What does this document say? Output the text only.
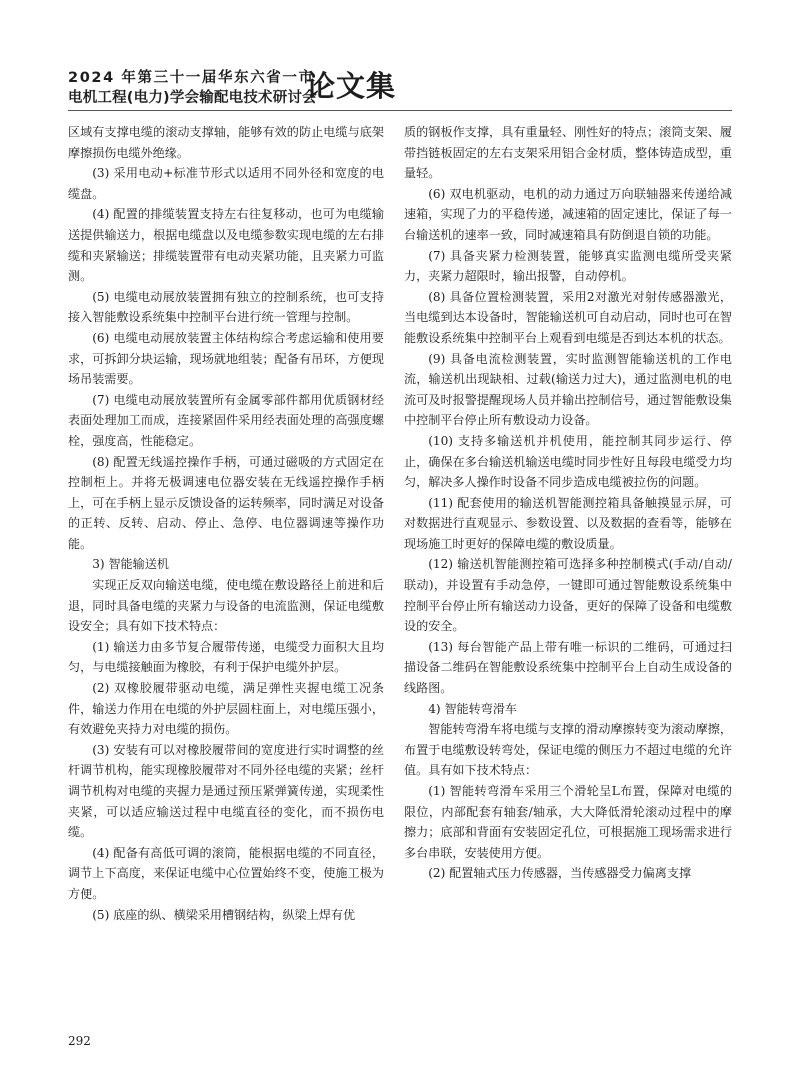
2024 年第三十一届华东六省一市
电机工程(电力)学会输配电技术研讨会
论文集

区域有支撑电缆的滚动支撑轴，能够有效的防止电缆与底架摩擦损伤电缆外绝缘。

(3) 采用电动+标准节形式以适用不同外径和宽度的电缆盘。

(4) 配置的排缆装置支持左右往复移动，也可为电缆输送提供输送力，根据电缆盘以及电缆参数实现电缆的左右排缆和夹紧输送；排缆装置带有电动夹紧功能，且夹紧力可监测。

(5) 电缆电动展放装置拥有独立的控制系统，也可支持接入智能敷设系统集中控制平台进行统一管理与控制。

(6) 电缆电动展放装置主体结构综合考虑运输和使用要求，可拆卸分块运输，现场就地组装；配备有吊环，方便现场吊装需要。

(7) 电缆电动展放装置所有金属零部件都用优质钢材经表面处理加工而成，连接紧固件采用经表面处理的高强度螺栓，强度高，性能稳定。

(8) 配置无线遥控操作手柄，可通过磁吸的方式固定在控制柜上。并将无极调速电位器安装在无线遥控操作手柄上，可在手柄上显示反馈设备的运转频率，同时满足对设备的正转、反转、启动、停止、急停、电位器调速等操作功能。

3) 智能输送机

实现正反双向输送电缆，使电缆在敷设路径上前进和后退，同时具备电缆的夹紧力与设备的电流监测，保证电缆敷设安全；具有如下技术特点：

(1) 输送力由多节复合履带传递，电缆受力面积大且均匀，与电缆接触面为橡胶，有利于保护电缆外护层。

(2) 双橡胶履带驱动电缆，满足弹性夹握电缆工况条件，输送力作用在电缆的外护层圆柱面上，对电缆压强小，有效避免夹持力对电缆的损伤。

(3) 安装有可以对橡胶履带间的宽度进行实时调整的丝杆调节机构，能实现橡胶履带对不同外径电缆的夹紧；丝杆调节机构对电缆的夹握力是通过预压紧弹簧传递，实现柔性夹紧，可以适应输送过程中电缆直径的变化，而不损伤电缆。

(4) 配备有高低可调的滚筒，能根据电缆的不同直径，调节上下高度，来保证电缆中心位置始终不变，使施工极为方便。

(5) 底座的纵、横梁采用槽钢结构，纵梁上焊有优

质的钢板作支撑，具有重量轻、刚性好的特点；滚筒支架、履带挡链板固定的左右支架采用铝合金材质，整体铸造成型，重量轻。

(6) 双电机驱动，电机的动力通过万向联轴器来传递给减速箱，实现了力的平稳传递，减速箱的固定速比，保证了每一台输送机的速率一致，同时减速箱具有防倒退自锁的功能。

(7) 具备夹紧力检测装置，能够真实监测电缆所受夹紧力，夹紧力超限时，输出报警，自动停机。

(8) 具备位置检测装置，采用2对激光对射传感器激光，当电缆到达本设备时，智能输送机可自动启动，同时也可在智能敷设系统集中控制平台上观看到电缆是否到达本机的状态。

(9) 具备电流检测装置，实时监测智能输送机的工作电流，输送机出现缺相、过载(输送力过大)，通过监测电机的电流可及时报警提醒现场人员并输出控制信号，通过智能敷设集中控制平台停止所有敷设动力设备。

(10) 支持多输送机并机使用，能控制其同步运行、停止，确保在多台输送机输送电缆时同步性好且每段电缆受力均匀，解决多人操作时设备不同步造成电缆被拉伤的问题。

(11) 配套使用的输送机智能测控箱具备触摸显示屏，可对数据进行直观显示、参数设置、以及数据的查看等，能够在现场施工时更好的保障电缆的敷设质量。

(12) 输送机智能测控箱可选择多种控制模式(手动/自动/联动)，并设置有手动急停，一键即可通过智能敷设系统集中控制平台停止所有输送动力设备，更好的保障了设备和电缆敷设的安全。

(13) 每台智能产品上带有唯一标识的二维码，可通过扫描设备二维码在智能敷设系统集中控制平台上自动生成设备的线路图。

4) 智能转弯滑车

智能转弯滑车将电缆与支撑的滑动摩擦转变为滚动摩擦，布置于电缆敷设转弯处，保证电缆的侧压力不超过电缆的允许值。具有如下技术特点：

(1) 智能转弯滑车采用三个滑轮呈L布置，保障对电缆的限位，内部配套有轴套/轴承，大大降低滑轮滚动过程中的摩擦力；底部和背面有安装固定孔位，可根据施工现场需求进行多台串联，安装使用方便。

(2) 配置轴式压力传感器，当传感器受力偏离支撑

292
